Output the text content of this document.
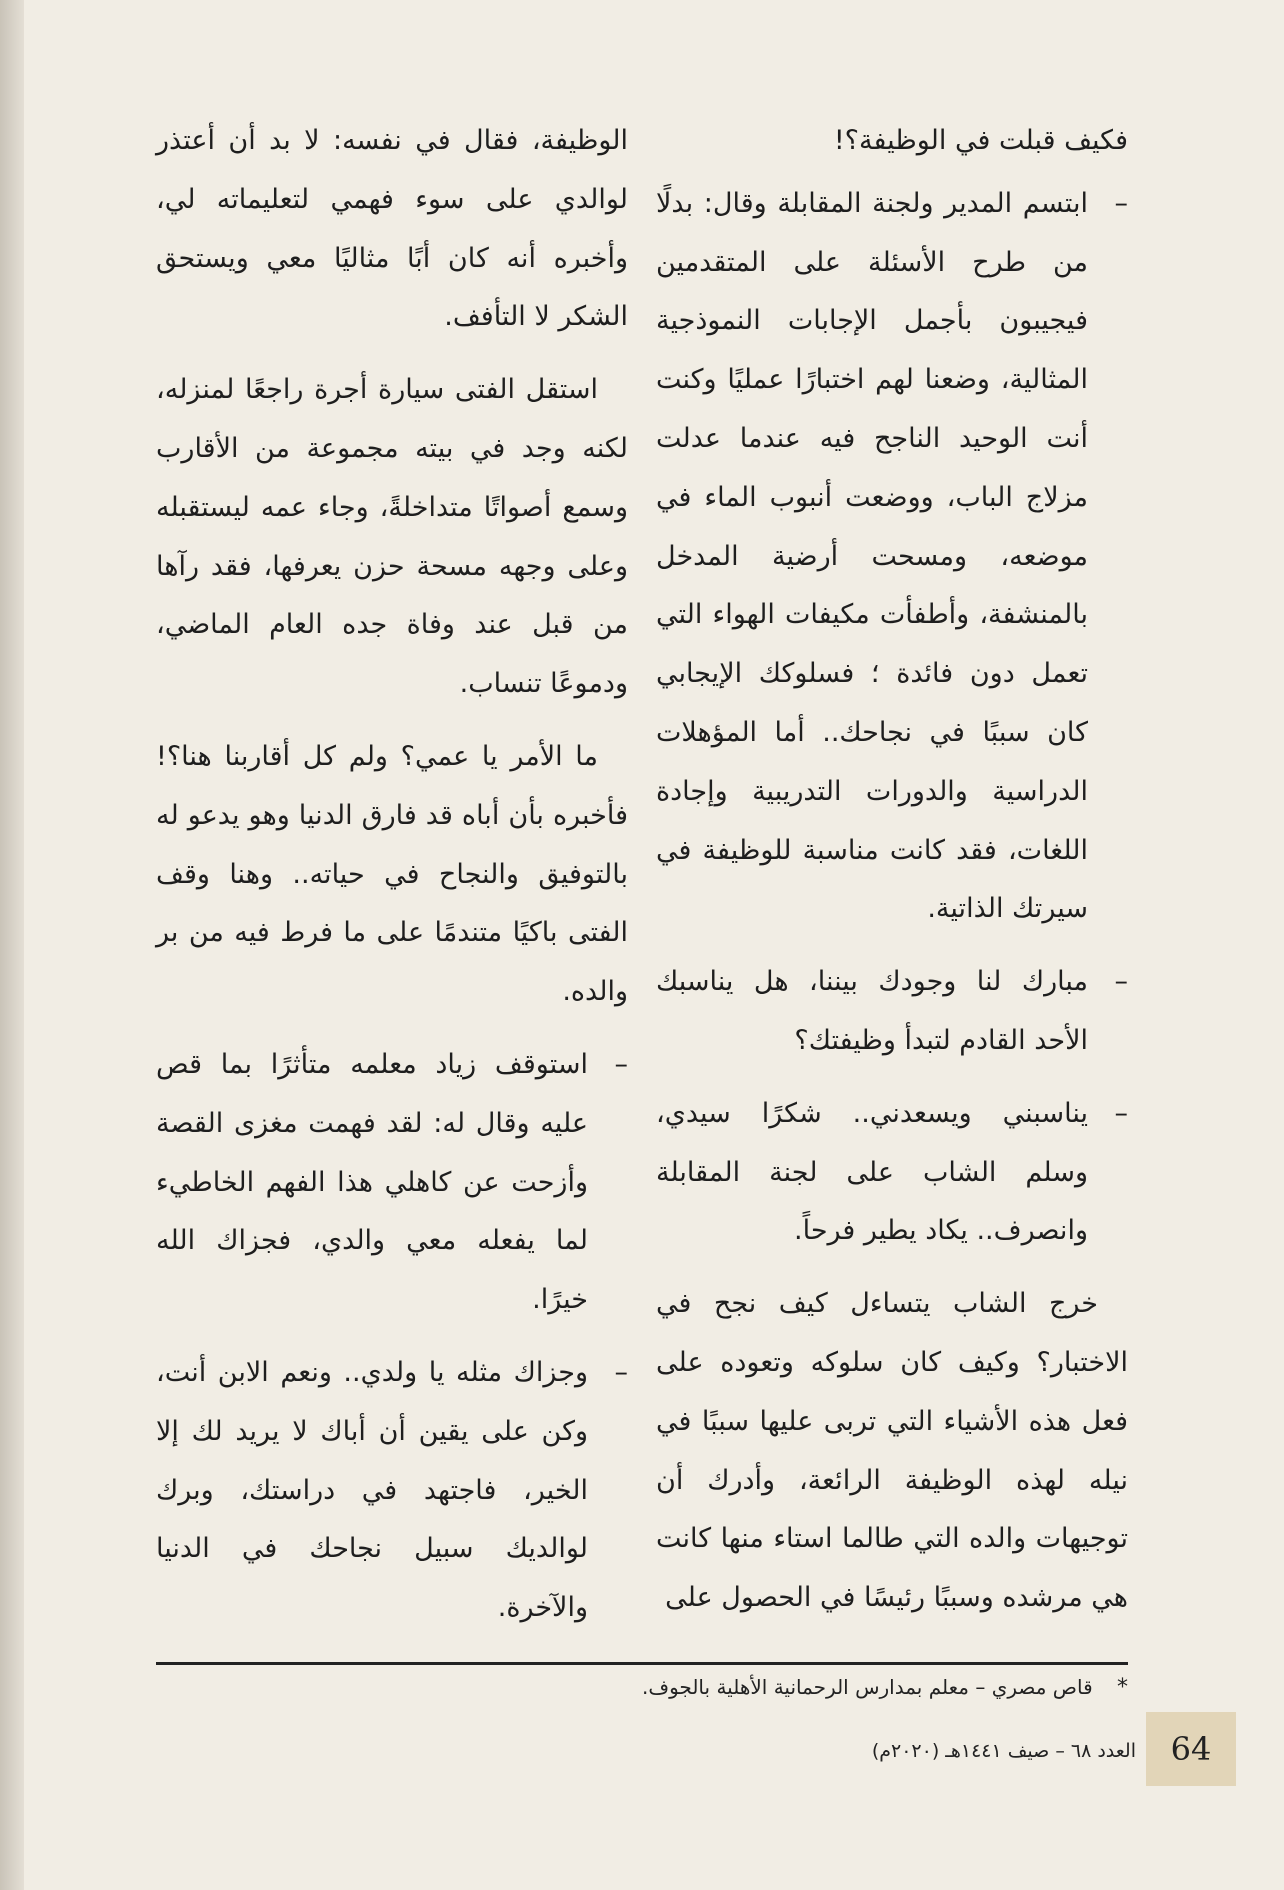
فكيف قبلت في الوظيفة؟!

– ابتسم المدير ولجنة المقابلة وقال: بدلًا من طرح الأسئلة على المتقدمين فيجيبون بأجمل الإجابات النموذجية المثالية، وضعنا لهم اختبارًا عمليًا وكنت أنت الوحيد الناجح فيه عندما عدلت مزلاج الباب، ووضعت أنبوب الماء في موضعه، ومسحت أرضية المدخل بالمنشفة، وأطفأت مكيفات الهواء التي تعمل دون فائدة ؛ فسلوكك الإيجابي كان سببًا في نجاحك.. أما المؤهلات الدراسية والدورات التدريبية وإجادة اللغات، فقد كانت مناسبة للوظيفة في سيرتك الذاتية.

– مبارك لنا وجودك بيننا، هل يناسبك الأحد القادم لتبدأ وظيفتك؟

– يناسبني ويسعدني.. شكرًا سيدي، وسلم الشاب على لجنة المقابلة وانصرف.. يكاد يطير فرحاً.

خرج الشاب يتساءل كيف نجح في الاختبار؟ وكيف كان سلوكه وتعوده على فعل هذه الأشياء التي تربى عليها سببًا في نيله لهذه الوظيفة الرائعة، وأدرك أن توجيهات والده التي طالما استاء منها كانت هي مرشده وسببًا رئيسًا في الحصول على

الوظيفة، فقال في نفسه: لا بد أن أعتذر لوالدي على سوء فهمي لتعليماته لي، وأخبره أنه كان أبًا مثاليًا معي ويستحق الشكر لا التأفف.

استقل الفتى سيارة أجرة راجعًا لمنزله، لكنه وجد في بيته مجموعة من الأقارب وسمع أصواتًا متداخلةً، وجاء عمه ليستقبله وعلى وجهه مسحة حزن يعرفها، فقد رآها من قبل عند وفاة جده العام الماضي، ودموعًا تنساب.

ما الأمر يا عمي؟ ولم كل أقاربنا هنا؟! فأخبره بأن أباه قد فارق الدنيا وهو يدعو له بالتوفيق والنجاح في حياته.. وهنا وقف الفتى باكيًا متندمًا على ما فرط فيه من بر والده.

– استوقف زياد معلمه متأثرًا بما قص عليه وقال له: لقد فهمت مغزى القصة وأزحت عن كاهلي هذا الفهم الخاطيء لما يفعله معي والدي، فجزاك الله خيرًا.

– وجزاك مثله يا ولدي.. ونعم الابن أنت، وكن على يقين أن أباك لا يريد لك إلا الخير، فاجتهد في دراستك، وبرك لوالديك سبيل نجاحك في الدنيا والآخرة.

* قاص مصري – معلم بمدارس الرحمانية الأهلية بالجوف.
العدد ٦٨ – صيف ١٤٤١هـ (٢٠٢٠م) 64
